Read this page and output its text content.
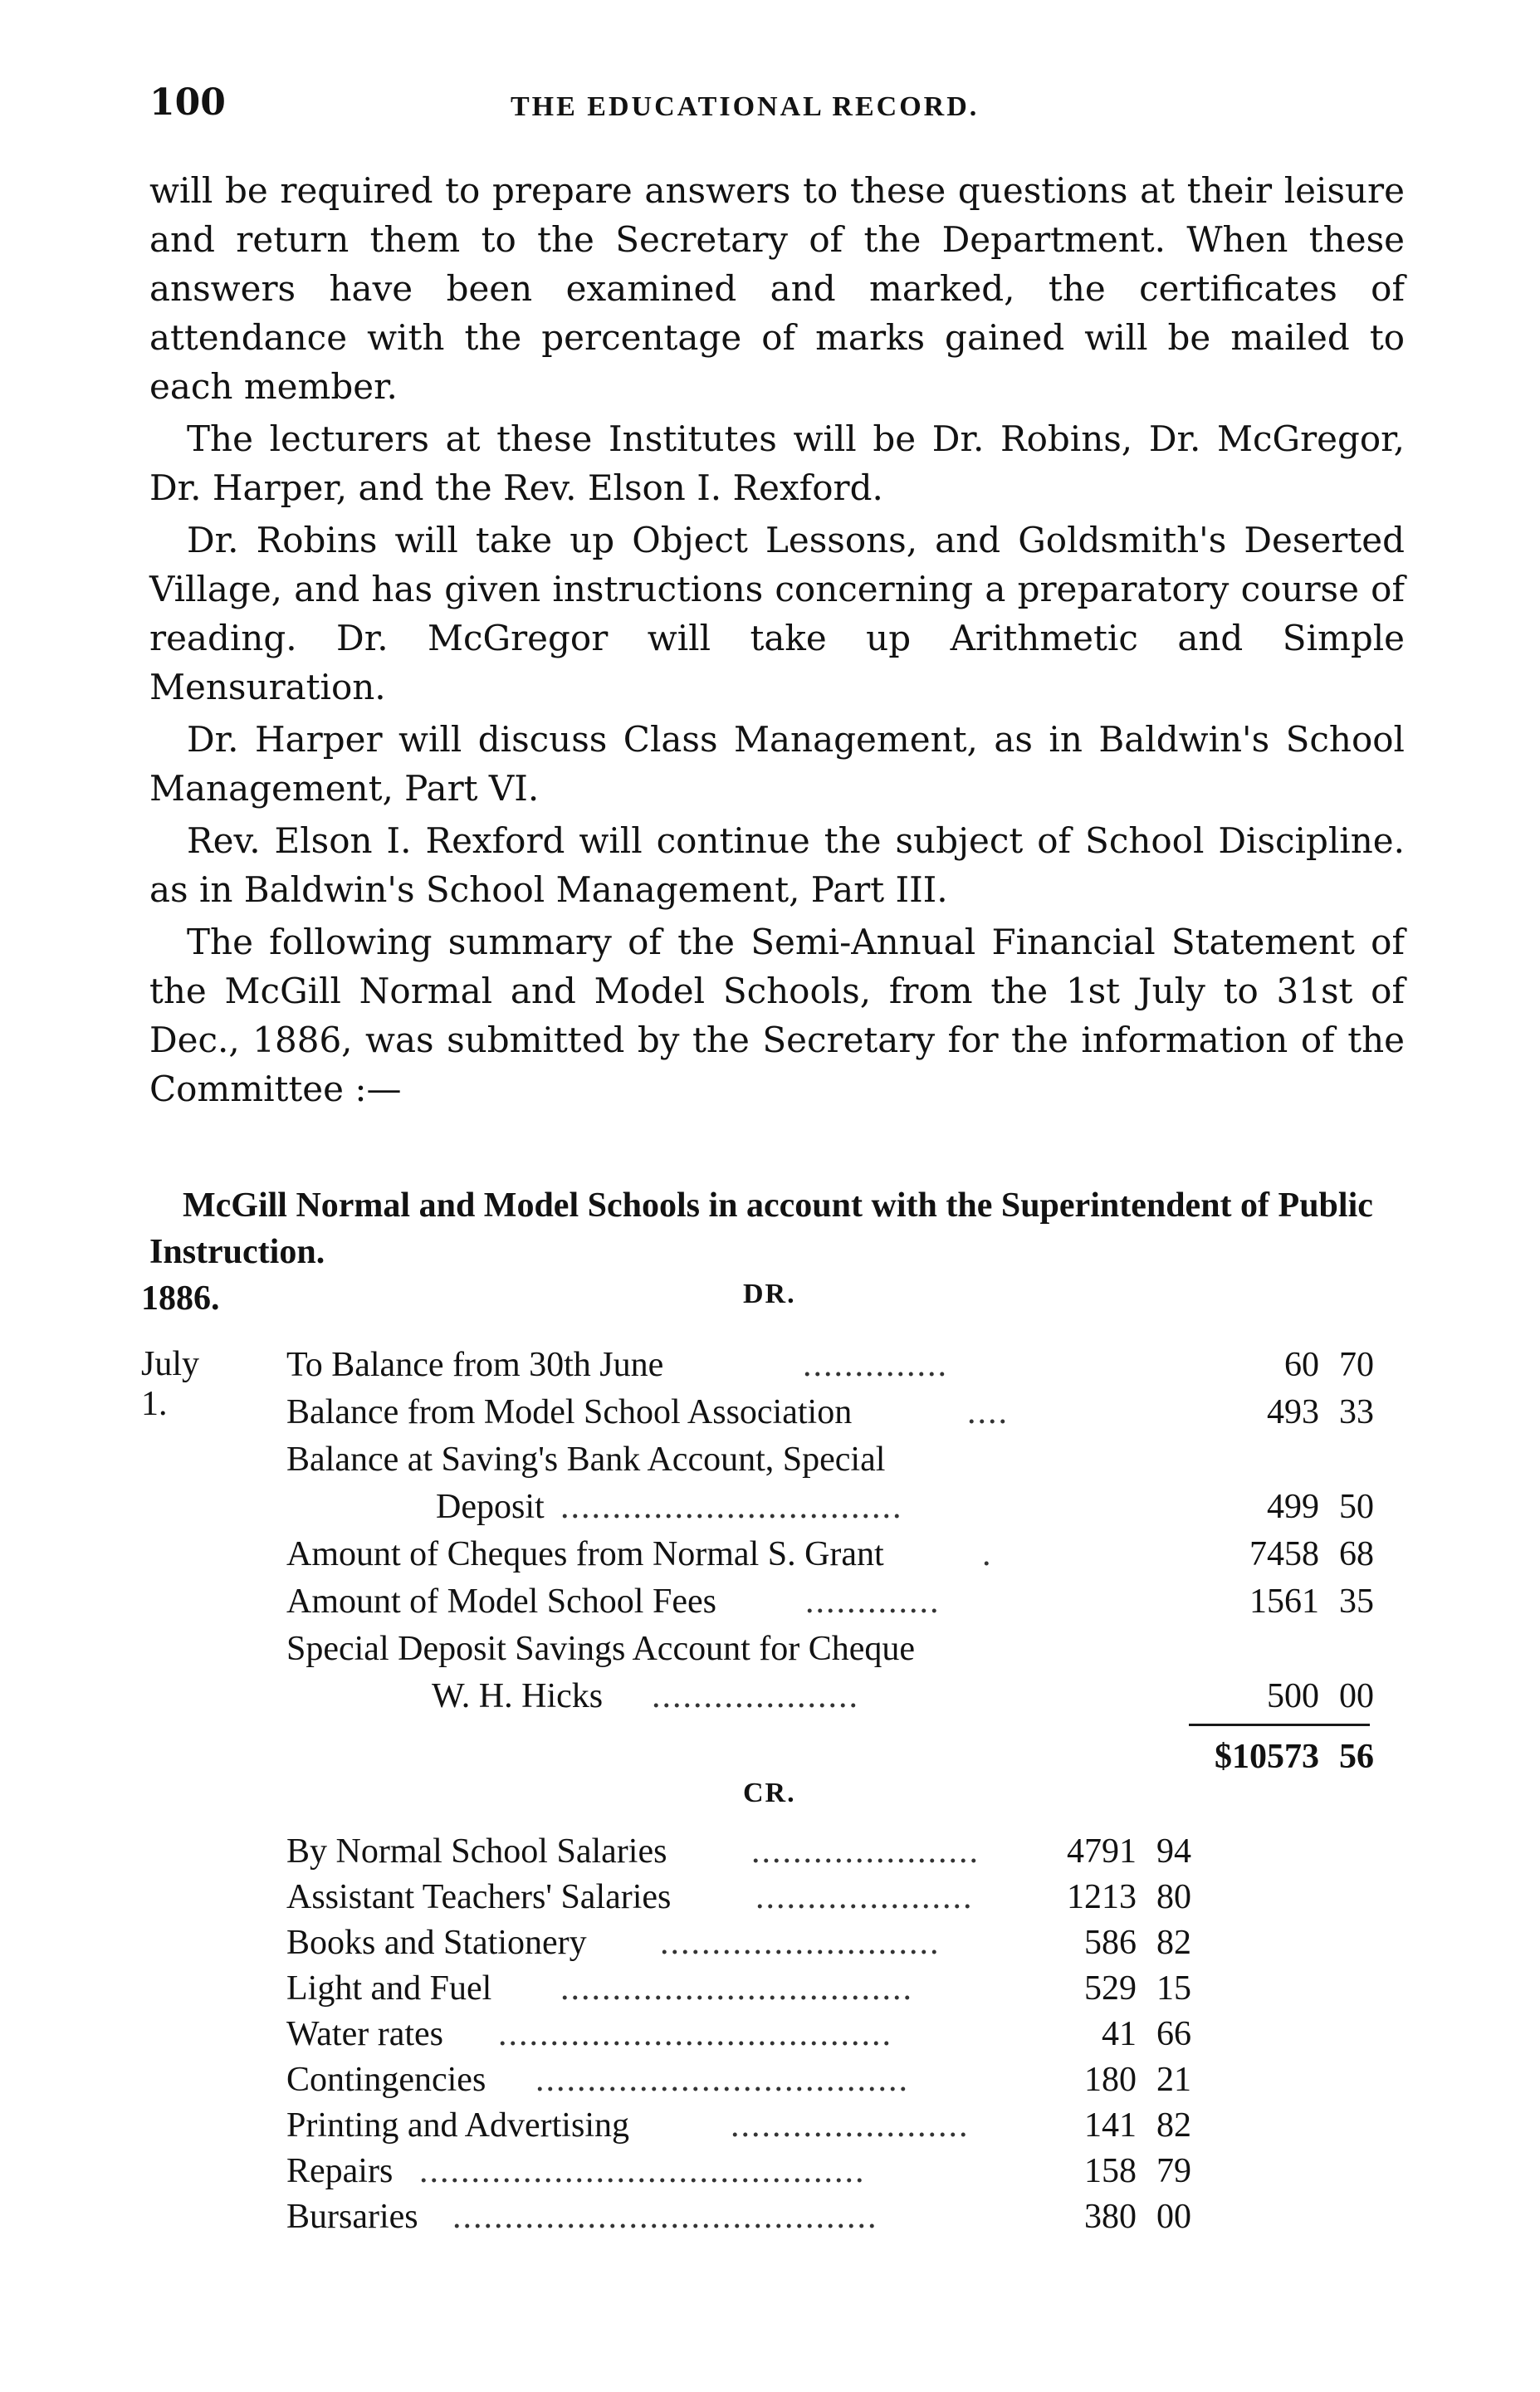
100	THE EDUCATIONAL RECORD.

will be required to prepare answers to these questions at their leisure and return them to the Secretary of the Department. When these answers have been examined and marked, the certificates of attendance with the percentage of marks gained will be mailed to each member.

The lecturers at these Institutes will be Dr. Robins, Dr. McGregor, Dr. Harper, and the Rev. Elson I. Rexford.

Dr. Robins will take up Object Lessons, and Goldsmith's Deserted Village, and has given instructions concerning a preparatory course of reading. Dr. McGregor will take up Arithmetic and Simple Mensuration.

Dr. Harper will discuss Class Management, as in Baldwin's School Management, Part VI.

Rev. Elson I. Rexford will continue the subject of School Discipline. as in Baldwin's School Management, Part III.

The following summary of the Semi-Annual Financial Statement of the McGill Normal and Model Schools, from the 1st July to 31st of Dec., 1886, was submitted by the Secretary for the information of the Committee :—

McGill Normal and Model Schools in account with the Superintendent of Public Instruction.

1886.	DR.
July 1.
To Balance from 30th June	..............	60 70
Balance from Model School Association	....	493 33
Balance at Saving's Bank Account, Special
Deposit .................................	499 50
Amount of Cheques from Normal S. Grant	.	7458 68
Amount of Model School Fees	.............	1561 35
Special Deposit Savings Account for Cheque
W. H. Hicks ....................	500 00
$10573 56
CR.
By Normal School Salaries ......................	4791 94
Assistant Teachers' Salaries .....................	1213 80
Books and Stationery ...........................	586 82
Light and Fuel ..................................	529 15
Water rates ......................................	41 66
Contingencies ....................................	180 21
Printing and Advertising	.......................	141 82
Repairs ...........................................	158 79
Bursaries .........................................	380 00
